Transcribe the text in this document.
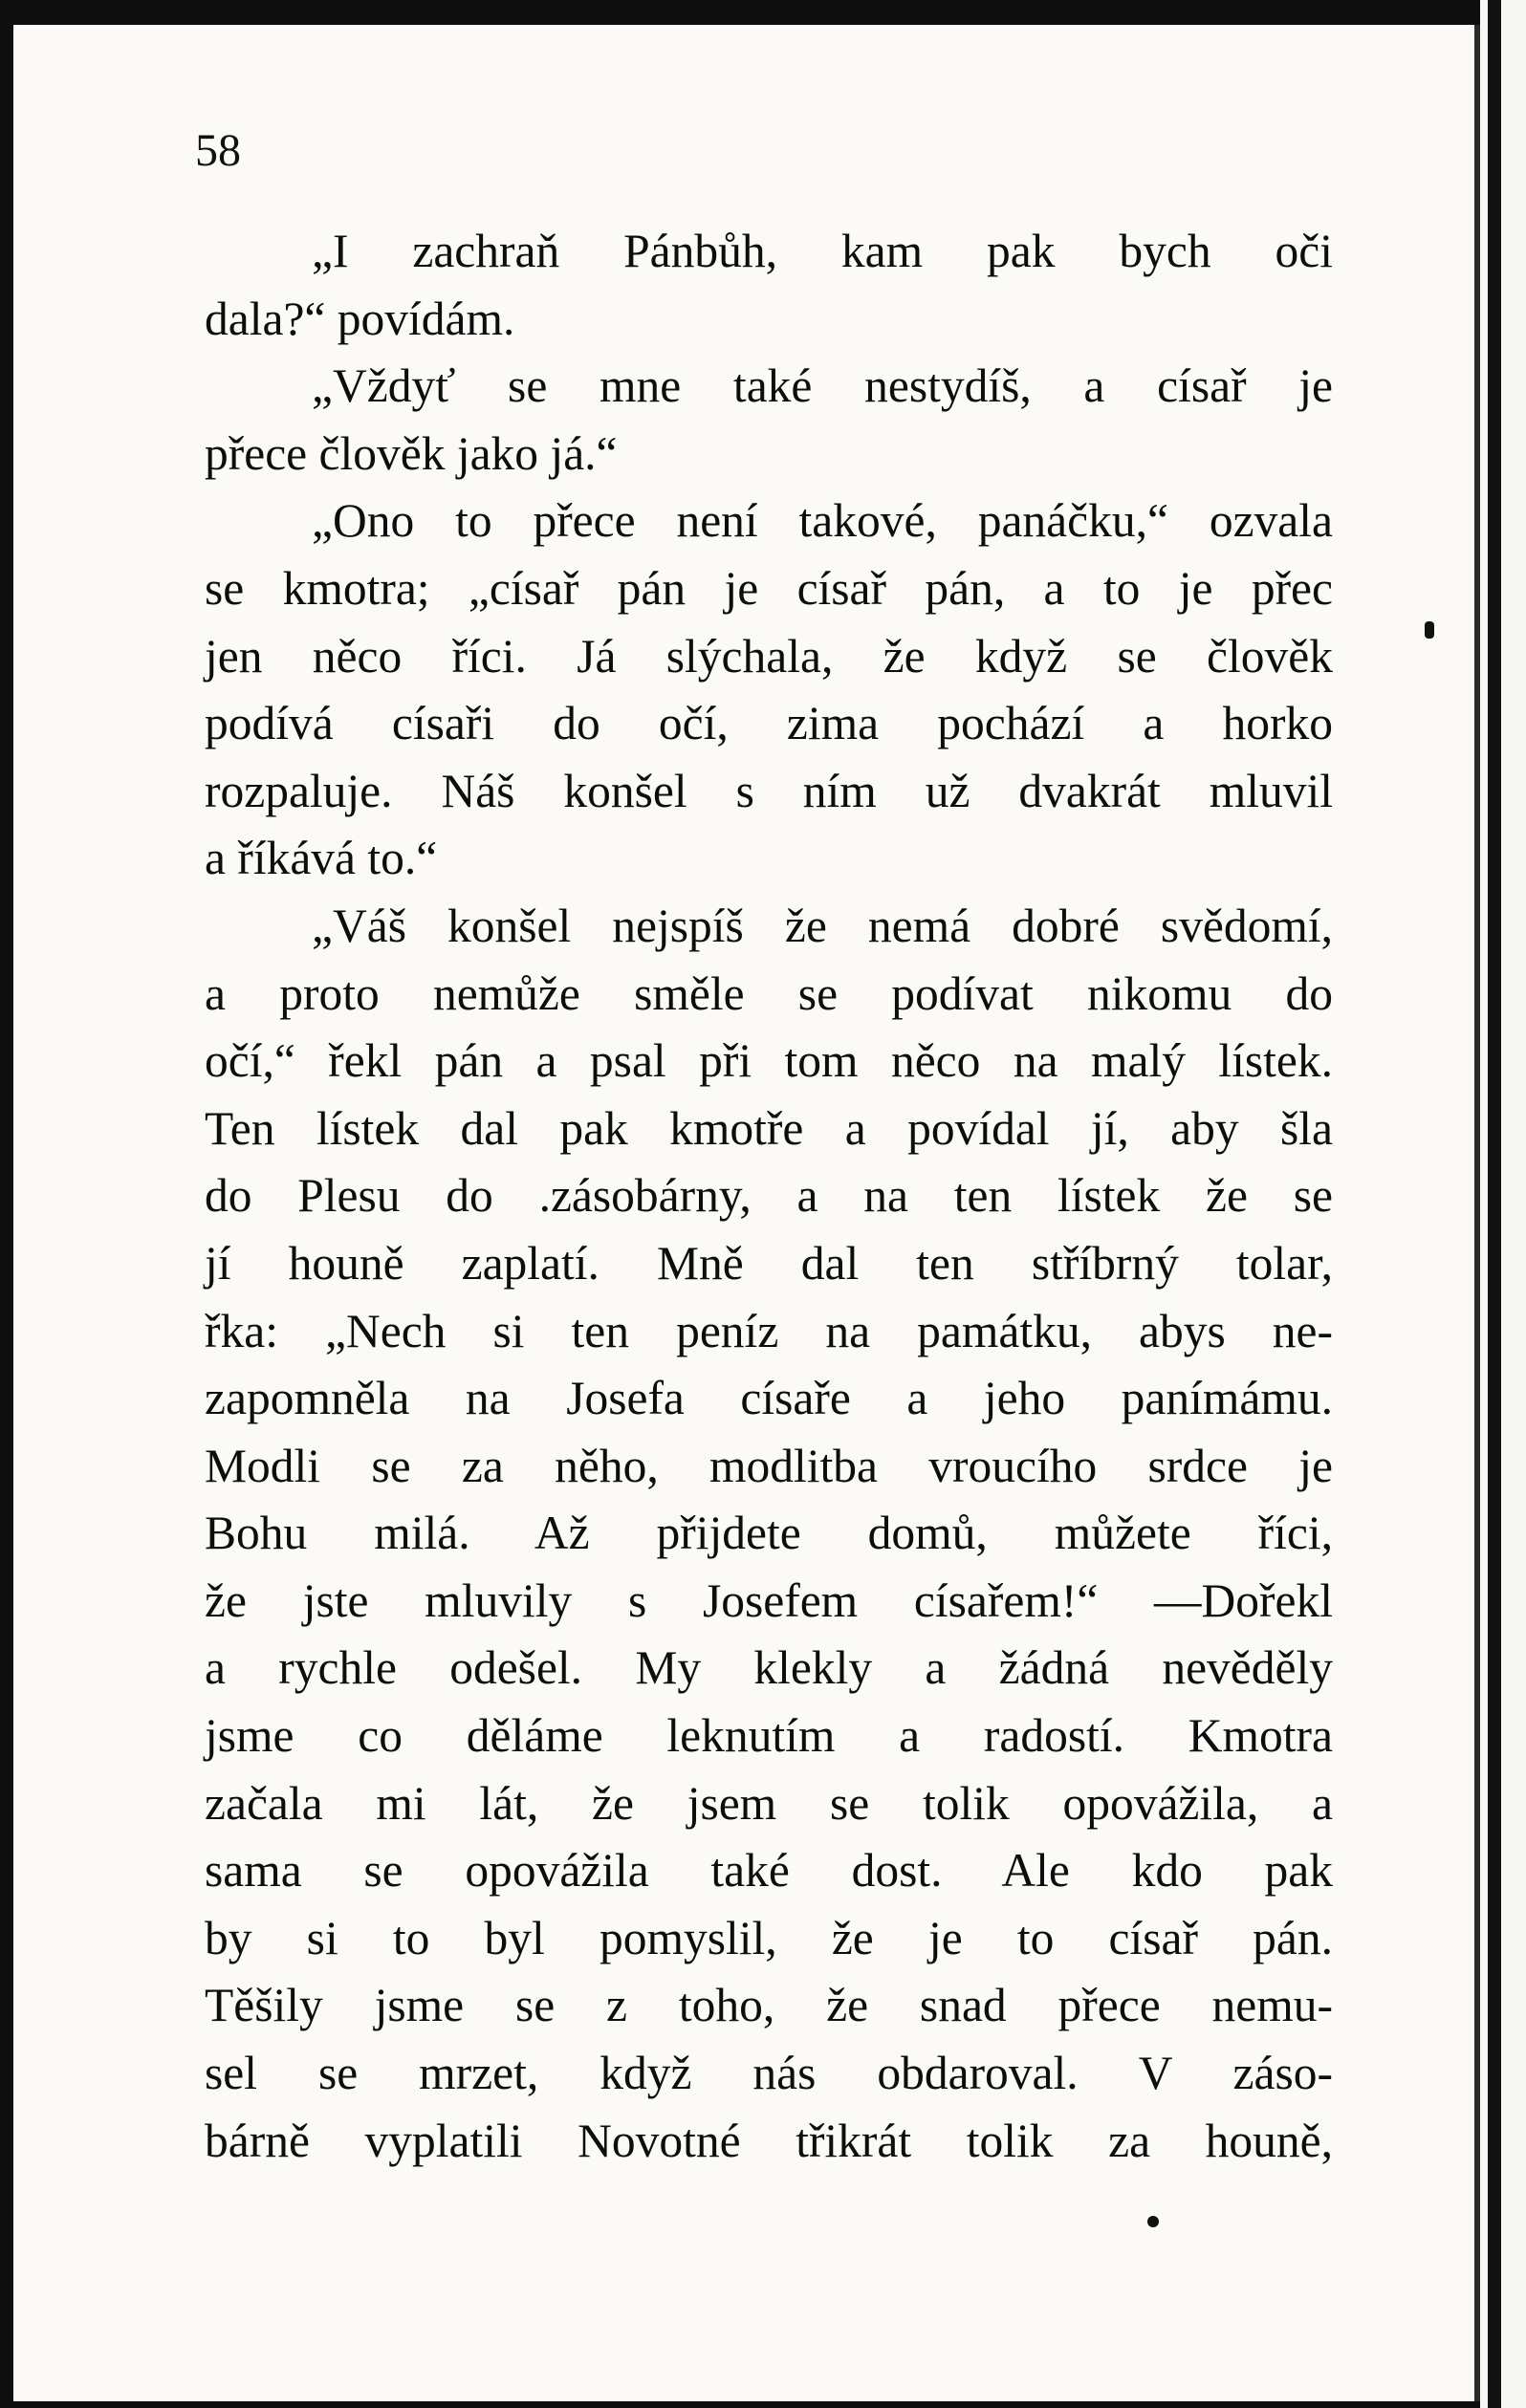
58
„I zachraň Pánbůh, kam pak bych oči
dala?“ povídám.
„Vždyť se mne také nestydíš, a císař je
přece člověk jako já.“
„Ono to přece není takové, panáčku,“ ozvala
se kmotra; „císař pán je císař pán, a to je přec
jen něco říci. Já slýchala, že když se člověk
podívá císaři do očí, zima pochází a horko
rozpaluje. Náš konšel s ním už dvakrát mluvil
a říkává to.“
„Váš konšel nejspíš že nemá dobré svědomí,
a proto nemůže směle se podívat nikomu do
očí,“ řekl pán a psal při tom něco na malý lístek.
Ten lístek dal pak kmotře a povídal jí, aby šla
do Plesu do .zásobárny, a na ten lístek že se
jí houně zaplatí. Mně dal ten stříbrný tolar,
řka: „Nech si ten peníz na památku, abys ne-
zapomněla na Josefa císaře a jeho panímámu.
Modli se za něho, modlitba vroucího srdce je
Bohu milá. Až přijdete domů, můžete říci,
že jste mluvily s Josefem císařem!“ —Dořekl
a rychle odešel. My klekly a žádná nevěděly
jsme co děláme leknutím a radostí. Kmotra
začala mi lát, že jsem se tolik opovážila, a
sama se opovážila také dost. Ale kdo pak
by si to byl pomyslil, že je to císař pán.
Těšily jsme se z toho, že snad přece nemu-
sel se mrzet, když nás obdaroval. V záso-
bárně vyplatili Novotné třikrát tolik za houně,
